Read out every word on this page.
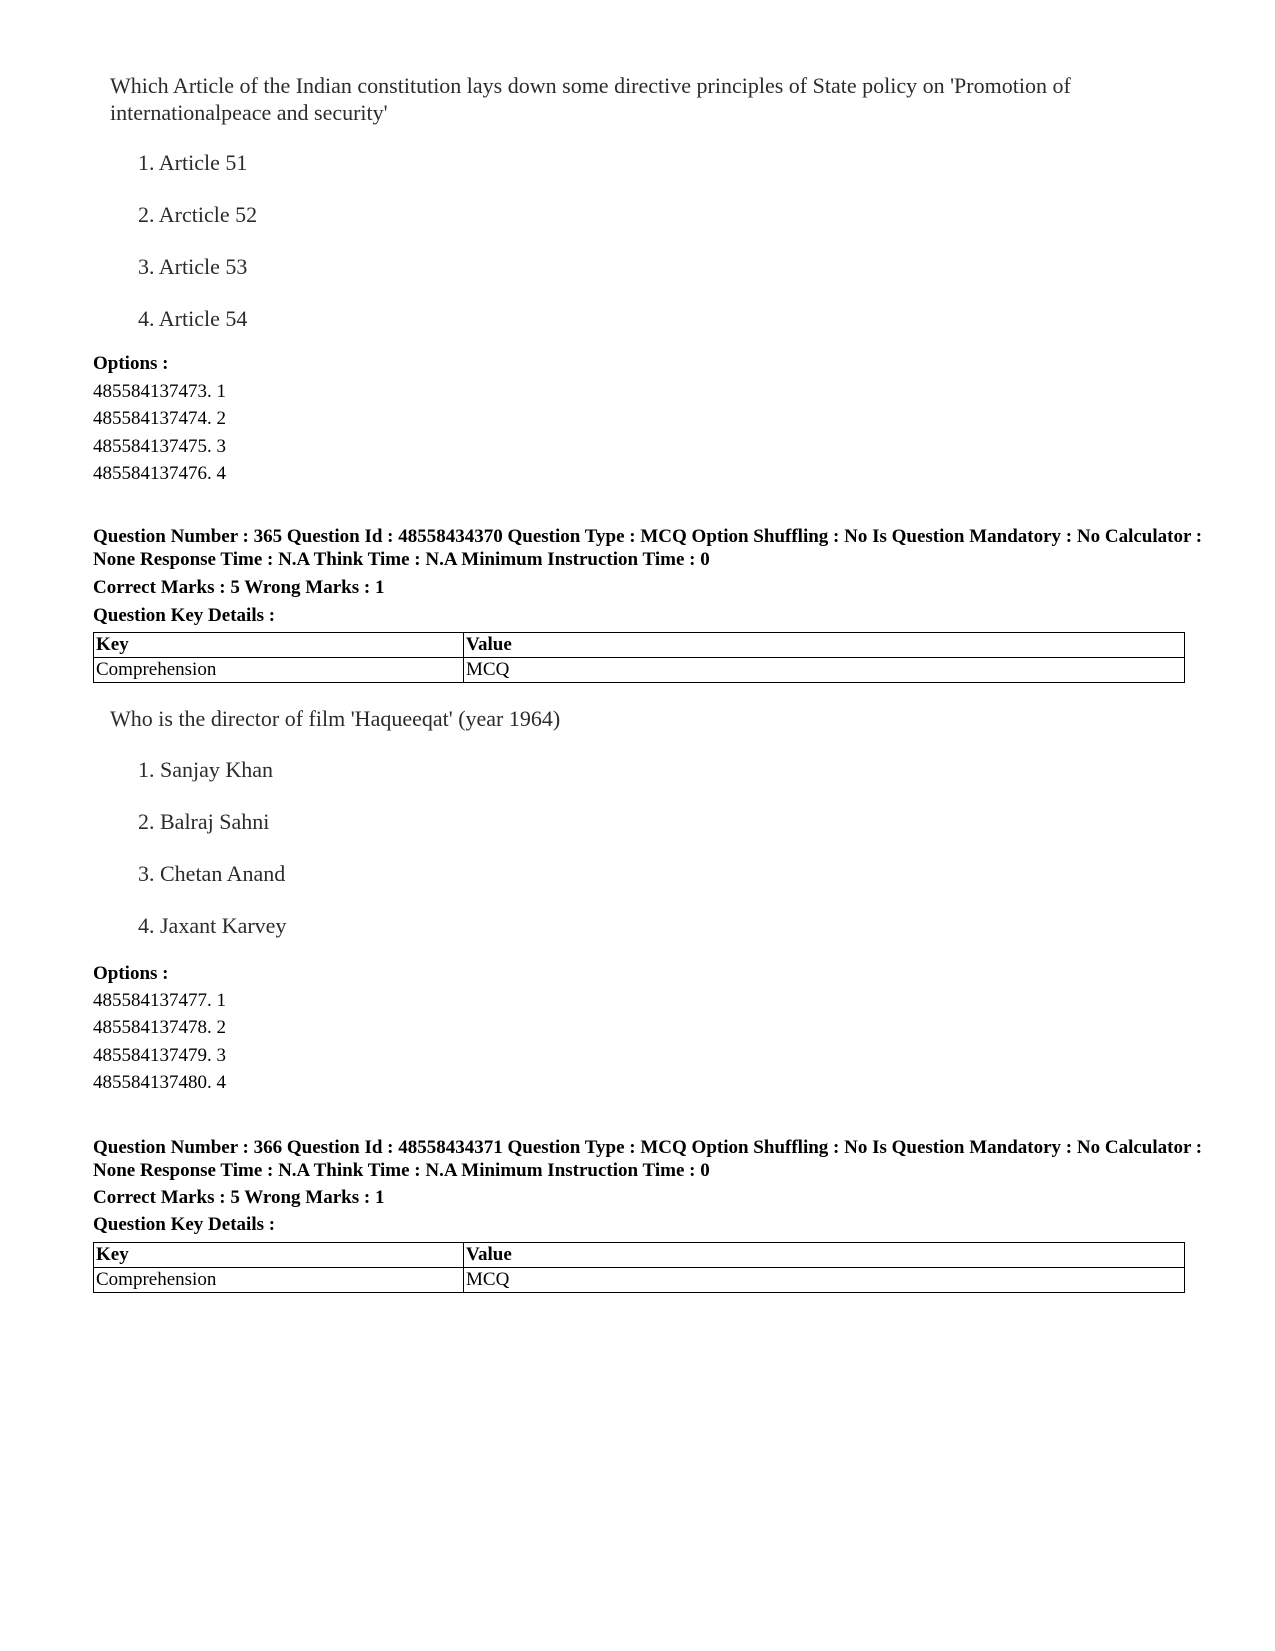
Which Article of the Indian constitution lays down some directive principles of State policy on 'Promotion of internationalpeace and security'

1. Article 51
2. Arcticle 52
3. Article 53
4. Article 54
Options :
485584137473. 1
485584137474. 2
485584137475. 3
485584137476. 4
Question Number : 365 Question Id : 48558434370 Question Type : MCQ Option Shuffling : No Is Question Mandatory : No Calculator : None Response Time : N.A Think Time : N.A Minimum Instruction Time : 0
Correct Marks : 5 Wrong Marks : 1
Question Key Details :
Key	Value
Comprehension	MCQ

Who is the director of film 'Haqueeqat' (year 1964)

1. Sanjay Khan
2. Balraj Sahni
3. Chetan Anand
4. Jaxant Karvey
Options :
485584137477. 1
485584137478. 2
485584137479. 3
485584137480. 4
Question Number : 366 Question Id : 48558434371 Question Type : MCQ Option Shuffling : No Is Question Mandatory : No Calculator : None Response Time : N.A Think Time : N.A Minimum Instruction Time : 0
Correct Marks : 5 Wrong Marks : 1
Question Key Details :
Key	Value
Comprehension	MCQ
